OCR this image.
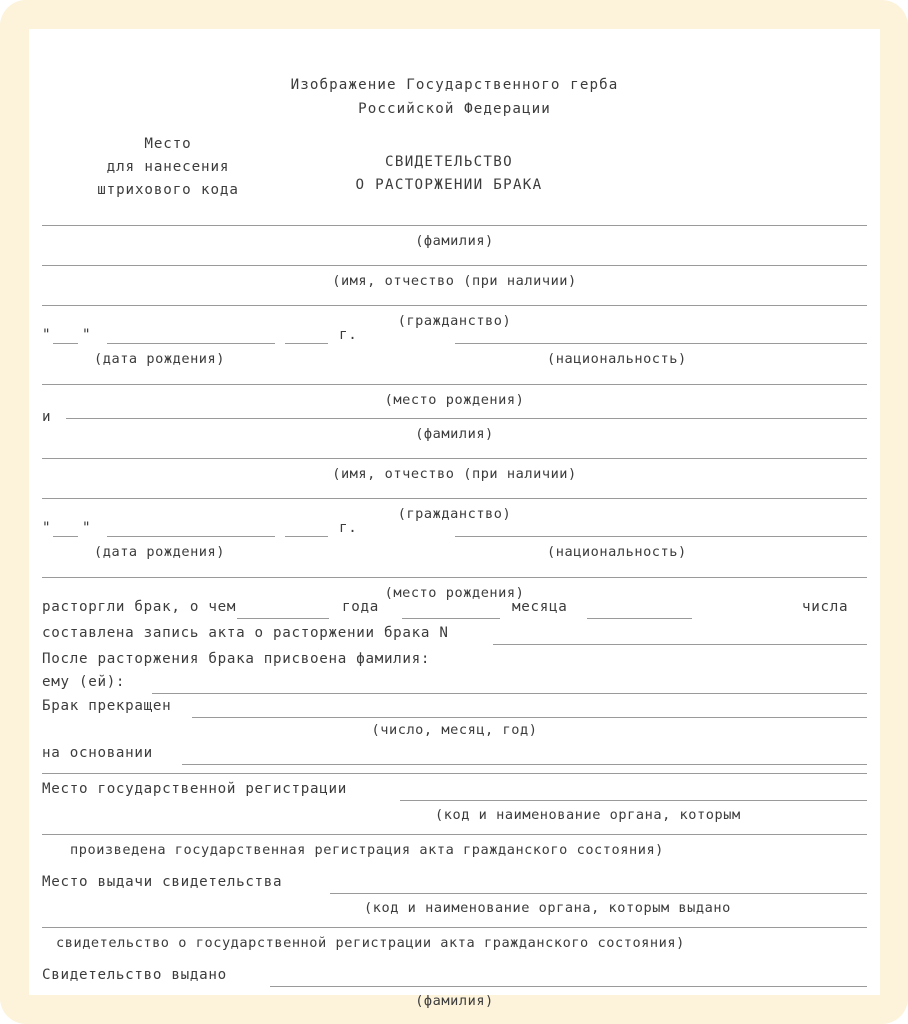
Изображение Государственного герба
Российской Федерации
Место
для нанесения
штрихового кода
СВИДЕТЕЛЬСТВО
О РАСТОРЖЕНИИ БРАКА
(фамилия)
(имя, отчество (при наличии)
(гражданство)
" "	г.
(дата рождения)	(национальность)
(место рождения)
и
(фамилия)
(имя, отчество (при наличии)
(гражданство)
" "	г.
(дата рождения)	(национальность)
(место рождения)
расторгли брак, о чем	года	месяца	числа
составлена запись акта о расторжении брака N
После расторжения брака присвоена фамилия:
ему (ей):
Брак прекращен
(число, месяц, год)
на основании
Место государственной регистрации
(код и наименование органа, которым
произведена государственная регистрация акта гражданского состояния)
Место выдачи свидетельства
(код и наименование органа, которым выдано
свидетельство о государственной регистрации акта гражданского состояния)
Свидетельство выдано
(фамилия)
